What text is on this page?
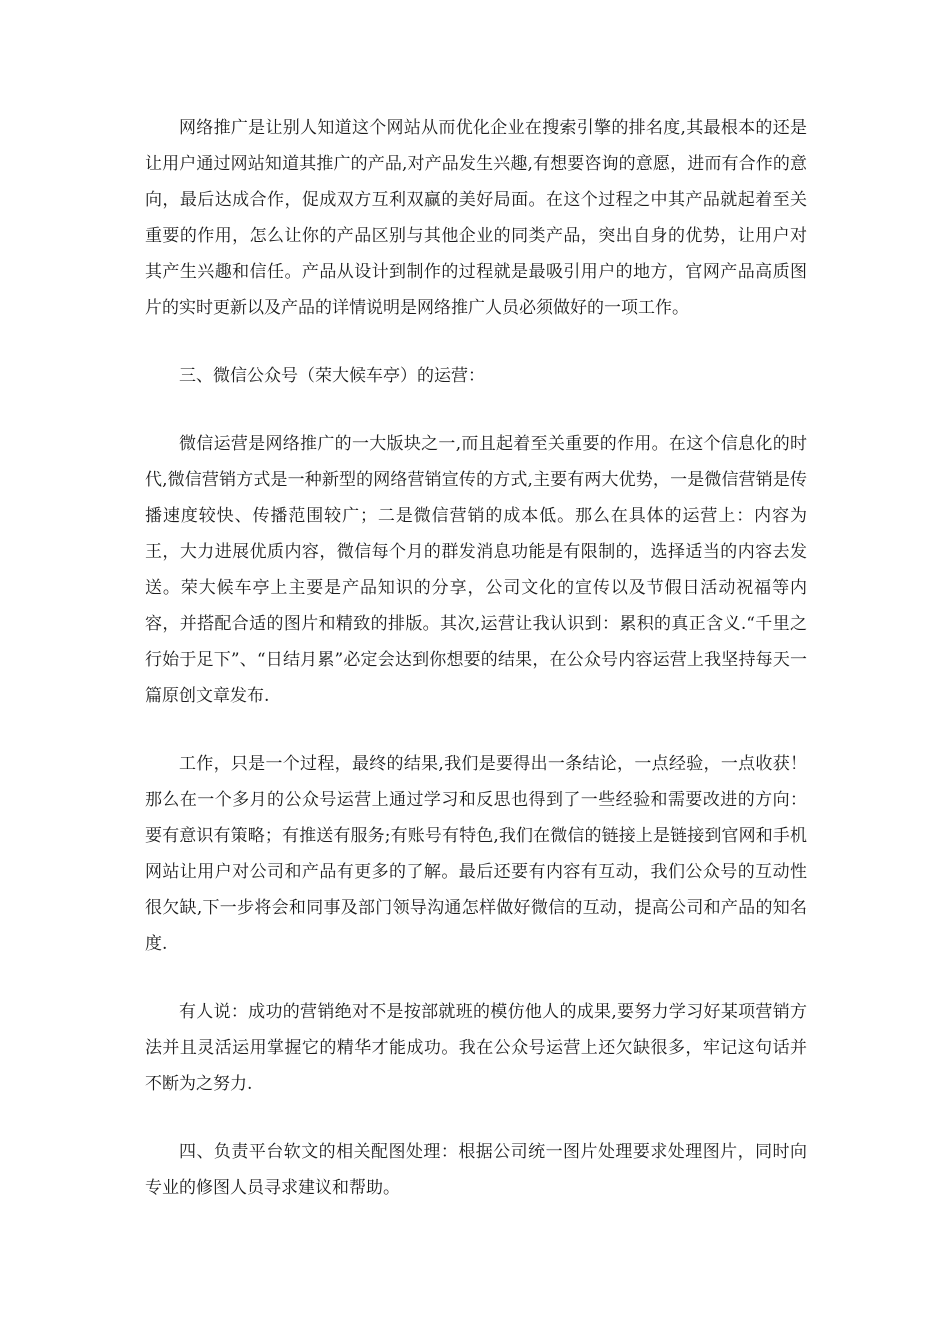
网络推广是让别人知道这个网站从而优化企业在搜索引擎的排名度,其最根本的还是让用户通过网站知道其推广的产品,对产品发生兴趣,有想要咨询的意愿，进而有合作的意向，最后达成合作，促成双方互利双赢的美好局面。在这个过程之中其产品就起着至关重要的作用，怎么让你的产品区别与其他企业的同类产品，突出自身的优势，让用户对其产生兴趣和信任。产品从设计到制作的过程就是最吸引用户的地方，官网产品高质图片的实时更新以及产品的详情说明是网络推广人员必须做好的一项工作。

三、微信公众号（荣大候车亭）的运营：

微信运营是网络推广的一大版块之一,而且起着至关重要的作用。在这个信息化的时代,微信营销方式是一种新型的网络营销宣传的方式,主要有两大优势，一是微信营销是传播速度较快、传播范围较广；二是微信营销的成本低。那么在具体的运营上：内容为王，大力进展优质内容，微信每个月的群发消息功能是有限制的，选择适当的内容去发送。荣大候车亭上主要是产品知识的分享，公司文化的宣传以及节假日活动祝福等内容，并搭配合适的图片和精致的排版。其次,运营让我认识到：累积的真正含义.“千里之行始于足下”、“日结月累”必定会达到你想要的结果，在公众号内容运营上我坚持每天一篇原创文章发布.

工作，只是一个过程，最终的结果,我们是要得出一条结论，一点经验，一点收获！那么在一个多月的公众号运营上通过学习和反思也得到了一些经验和需要改进的方向：要有意识有策略；有推送有服务;有账号有特色,我们在微信的链接上是链接到官网和手机网站让用户对公司和产品有更多的了解。最后还要有内容有互动，我们公众号的互动性很欠缺,下一步将会和同事及部门领导沟通怎样做好微信的互动，提高公司和产品的知名度.

有人说：成功的营销绝对不是按部就班的模仿他人的成果,要努力学习好某项营销方法并且灵活运用掌握它的精华才能成功。我在公众号运营上还欠缺很多，牢记这句话并不断为之努力.

四、负责平台软文的相关配图处理：根据公司统一图片处理要求处理图片，同时向专业的修图人员寻求建议和帮助。
